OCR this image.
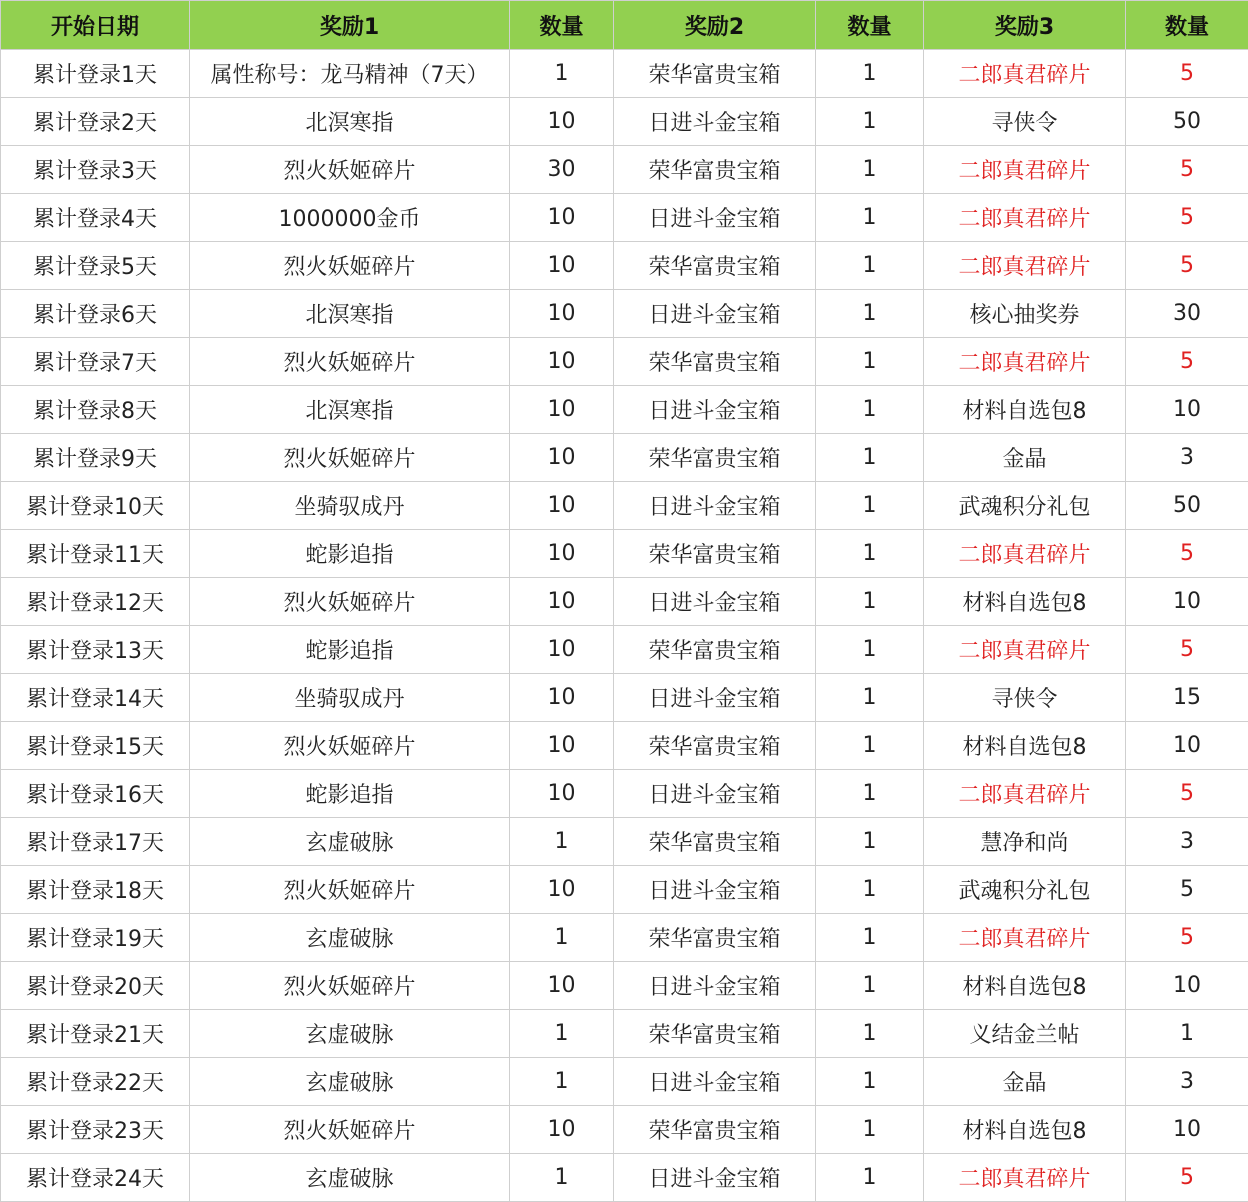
开始日期	奖励1	数量	奖励2	数量	奖励3	数量
累计登录1天	属性称号：龙马精神（7天）	1	荣华富贵宝箱	1	二郎真君碎片	5
累计登录2天	北溟寒指	10	日进斗金宝箱	1	寻侠令	50
累计登录3天	烈火妖姬碎片	30	荣华富贵宝箱	1	二郎真君碎片	5
累计登录4天	1000000金币	10	日进斗金宝箱	1	二郎真君碎片	5
累计登录5天	烈火妖姬碎片	10	荣华富贵宝箱	1	二郎真君碎片	5
累计登录6天	北溟寒指	10	日进斗金宝箱	1	核心抽奖券	30
累计登录7天	烈火妖姬碎片	10	荣华富贵宝箱	1	二郎真君碎片	5
累计登录8天	北溟寒指	10	日进斗金宝箱	1	材料自选包8	10
累计登录9天	烈火妖姬碎片	10	荣华富贵宝箱	1	金晶	3
累计登录10天	坐骑驭成丹	10	日进斗金宝箱	1	武魂积分礼包	50
累计登录11天	蛇影追指	10	荣华富贵宝箱	1	二郎真君碎片	5
累计登录12天	烈火妖姬碎片	10	日进斗金宝箱	1	材料自选包8	10
累计登录13天	蛇影追指	10	荣华富贵宝箱	1	二郎真君碎片	5
累计登录14天	坐骑驭成丹	10	日进斗金宝箱	1	寻侠令	15
累计登录15天	烈火妖姬碎片	10	荣华富贵宝箱	1	材料自选包8	10
累计登录16天	蛇影追指	10	日进斗金宝箱	1	二郎真君碎片	5
累计登录17天	玄虚破脉	1	荣华富贵宝箱	1	慧净和尚	3
累计登录18天	烈火妖姬碎片	10	日进斗金宝箱	1	武魂积分礼包	5
累计登录19天	玄虚破脉	1	荣华富贵宝箱	1	二郎真君碎片	5
累计登录20天	烈火妖姬碎片	10	日进斗金宝箱	1	材料自选包8	10
累计登录21天	玄虚破脉	1	荣华富贵宝箱	1	义结金兰帖	1
累计登录22天	玄虚破脉	1	日进斗金宝箱	1	金晶	3
累计登录23天	烈火妖姬碎片	10	荣华富贵宝箱	1	材料自选包8	10
累计登录24天	玄虚破脉	1	日进斗金宝箱	1	二郎真君碎片	5
